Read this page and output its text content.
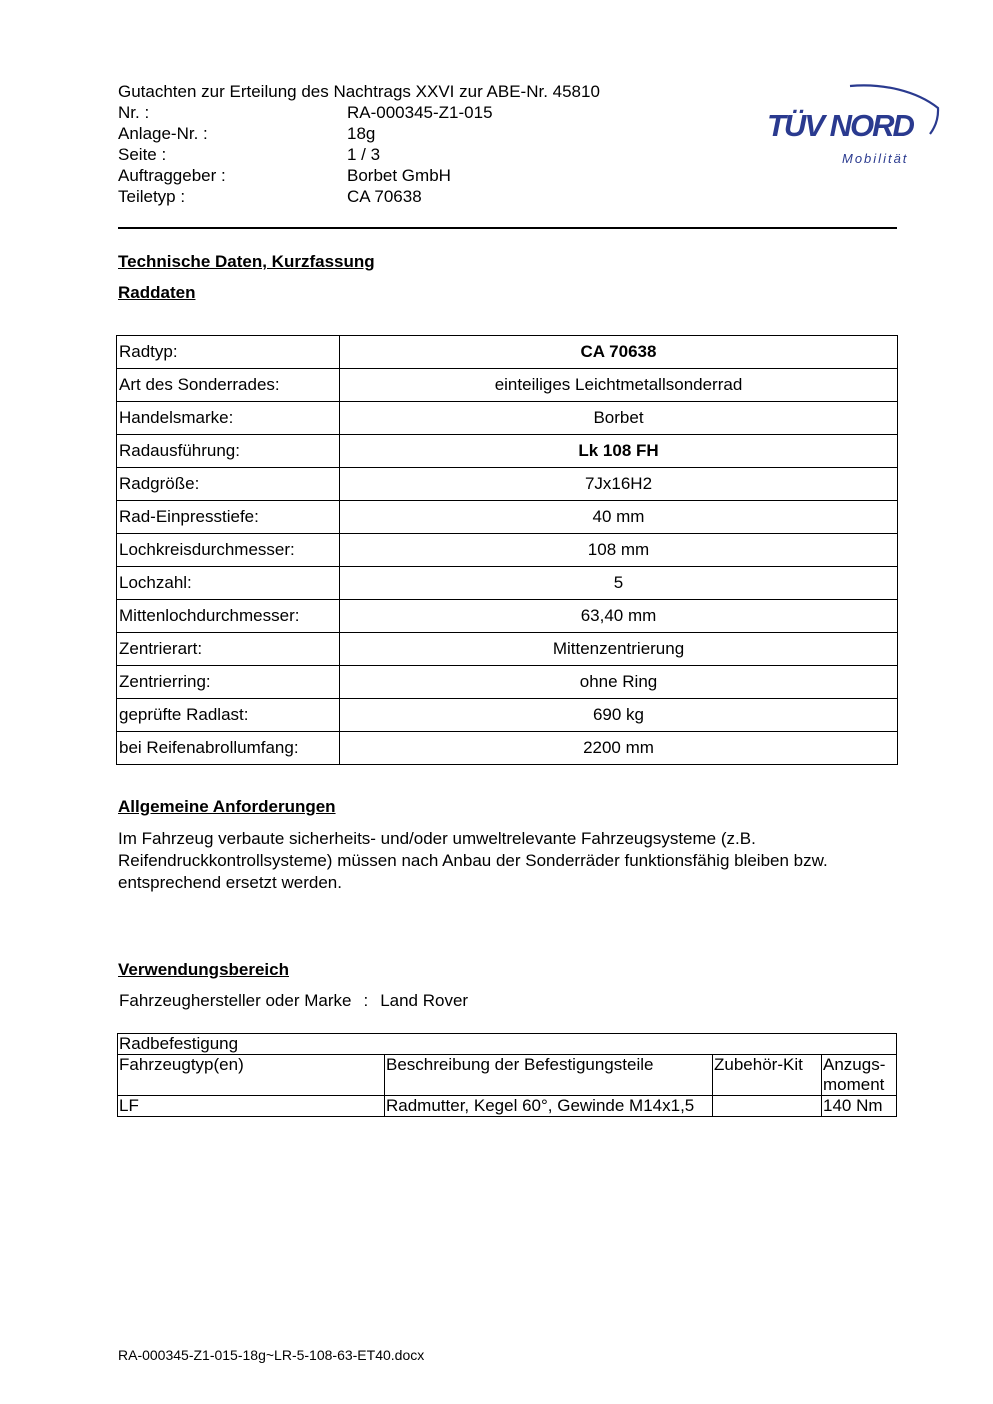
Gutachten zur Erteilung des Nachtrags XXVI zur ABE-Nr. 45810
Nr. :	RA-000345-Z1-015
Anlage-Nr. :	18g
Seite :	1 / 3
Auftraggeber :	Borbet GmbH
Teiletyp :	CA 70638
TÜV NORD
Mobilität
Technische Daten, Kurzfassung
Raddaten
Radtyp:	CA 70638
Art des Sonderrades:	einteiliges Leichtmetallsonderrad
Handelsmarke:	Borbet
Radausführung:	Lk 108 FH
Radgröße:	7Jx16H2
Rad-Einpresstiefe:	40 mm
Lochkreisdurchmesser:	108 mm
Lochzahl:	5
Mittenlochdurchmesser:	63,40 mm
Zentrierart:	Mittenzentrierung
Zentrierring:	ohne Ring
geprüfte Radlast:	690 kg
bei Reifenabrollumfang:	2200 mm
Allgemeine Anforderungen
Im Fahrzeug verbaute sicherheits- und/oder umweltrelevante Fahrzeugsysteme (z.B. Reifendruckkontrollsysteme) müssen nach Anbau der Sonderräder funktionsfähig bleiben bzw. entsprechend ersetzt werden.
Verwendungsbereich
Fahrzeughersteller oder Marke : Land Rover
Radbefestigung			
Fahrzeugtyp(en)	Beschreibung der Befestigungsteile	Zubehör-Kit	Anzugs-moment
LF	Radmutter, Kegel 60°, Gewinde M14x1,5		140 Nm
RA-000345-Z1-015-18g~LR-5-108-63-ET40.docx
